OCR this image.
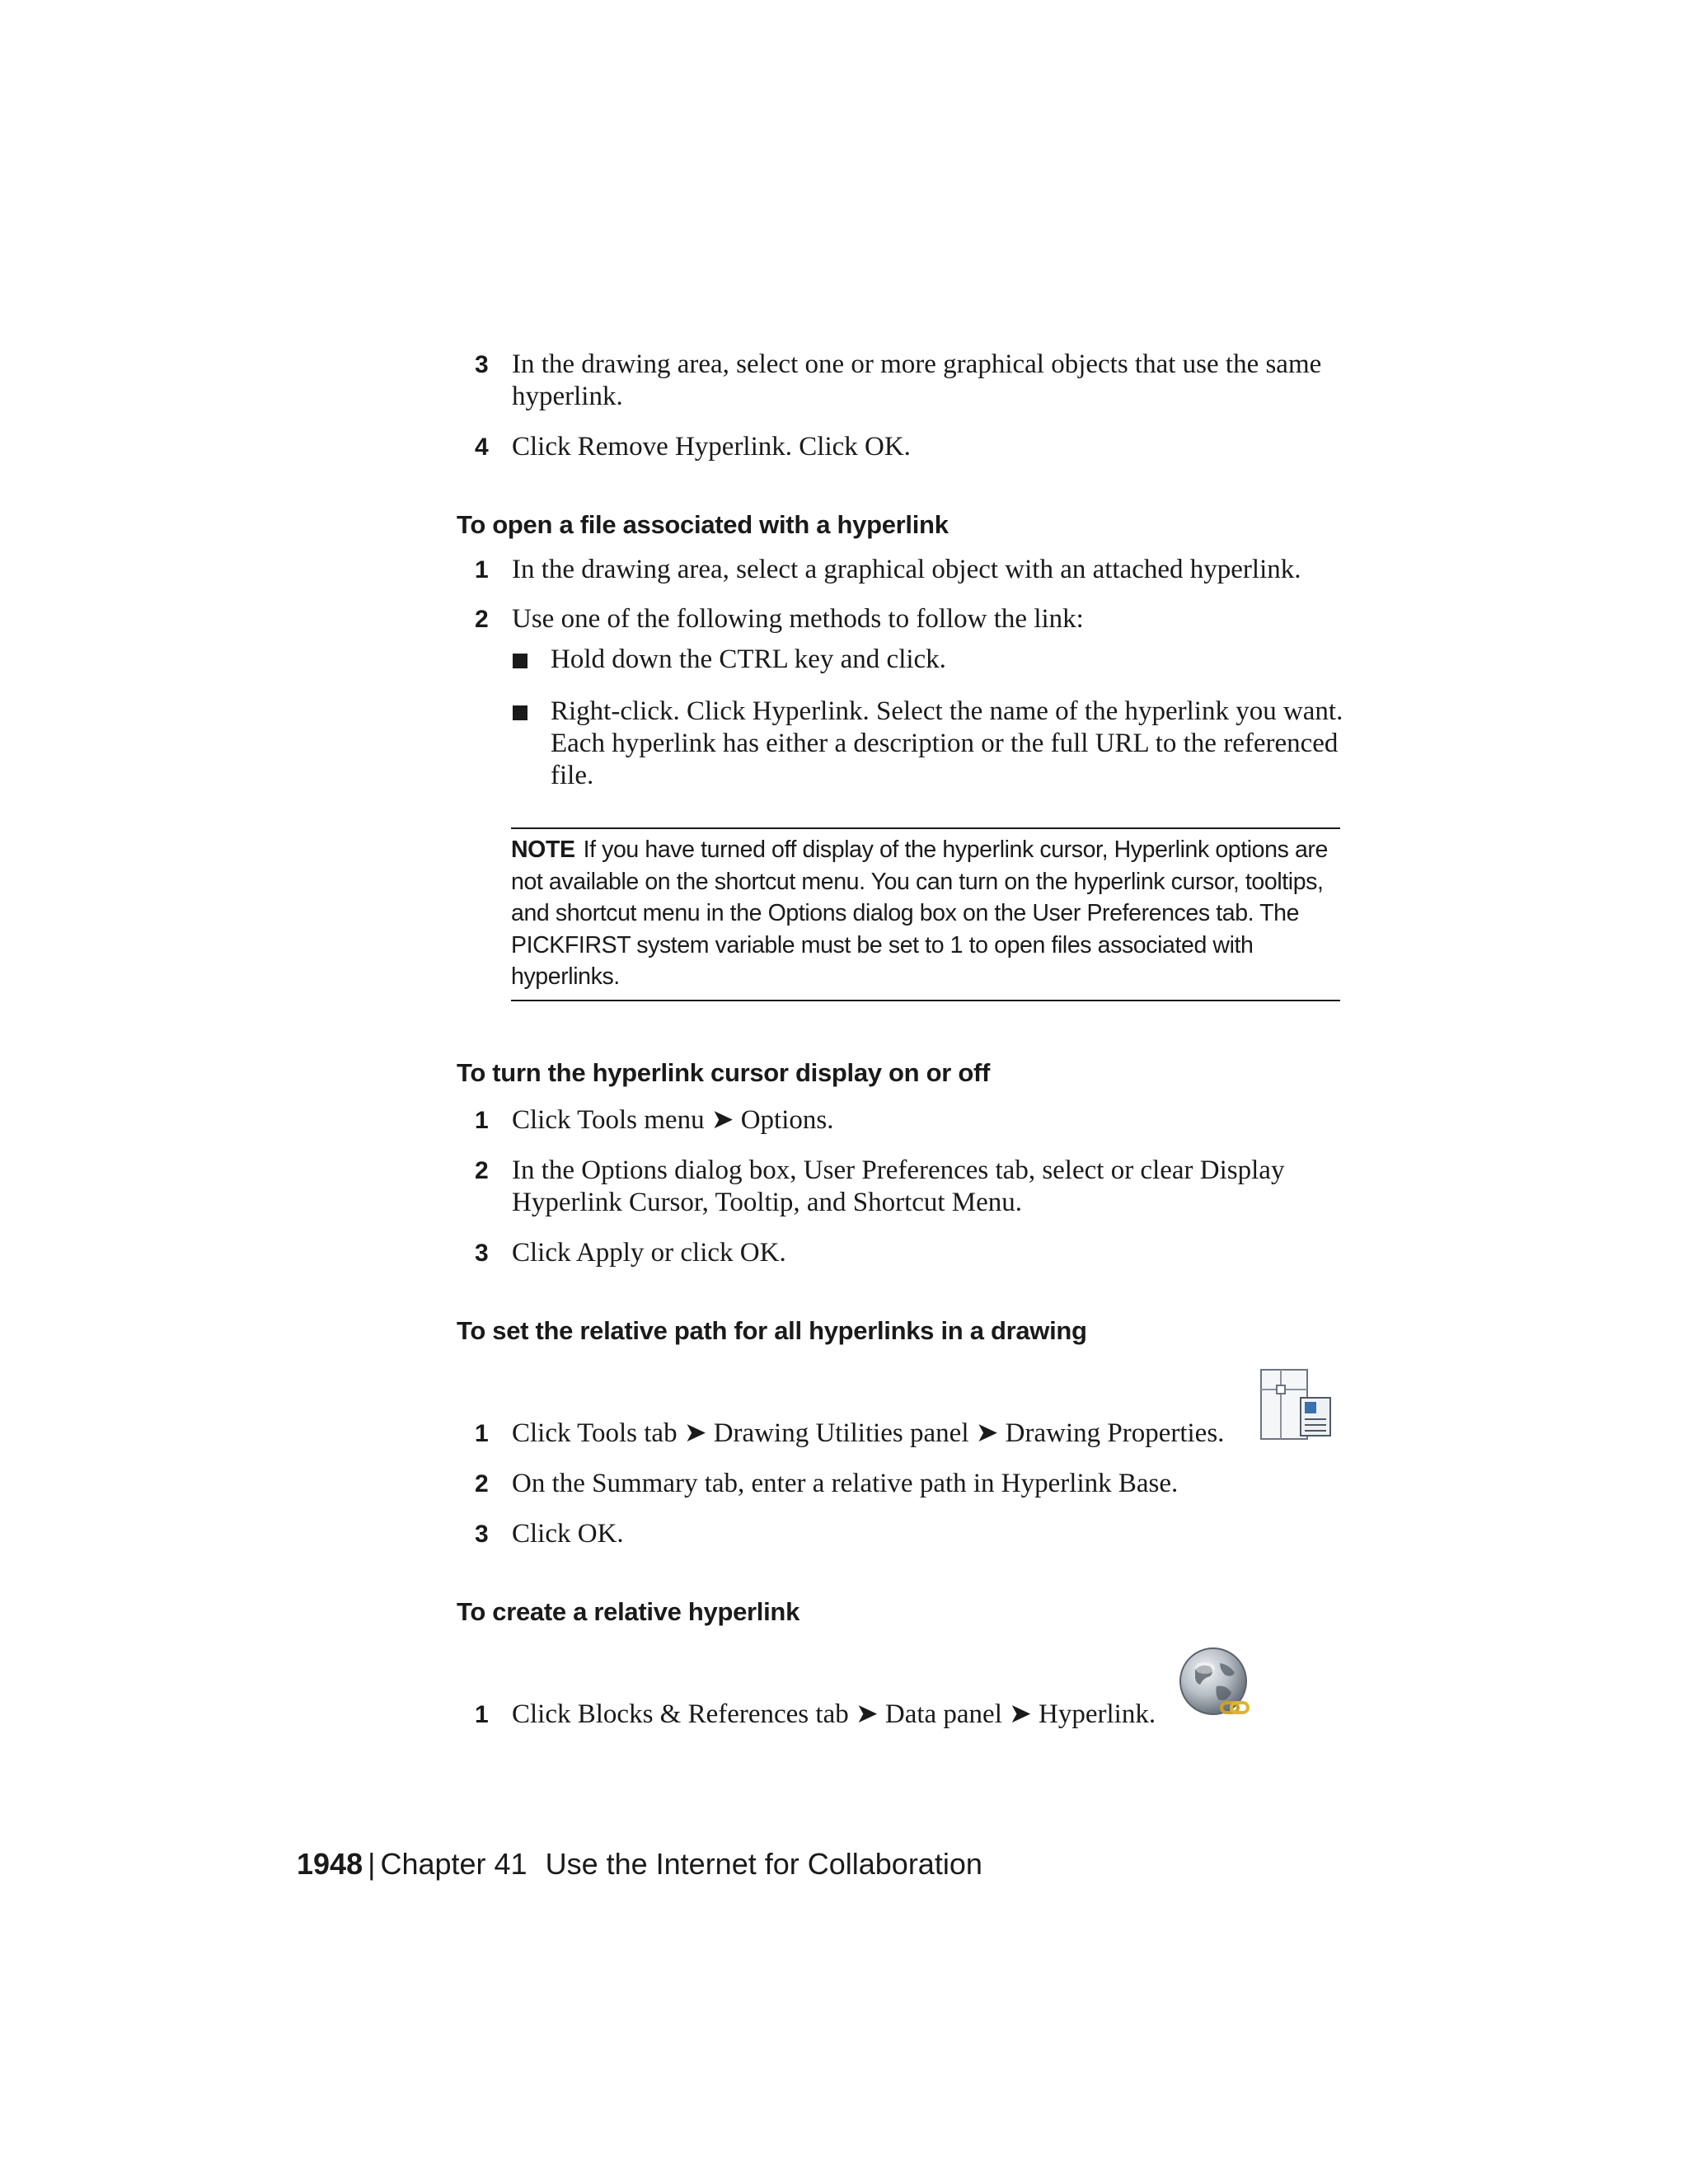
3 In the drawing area, select one or more graphical objects that use the same hyperlink.
4 Click Remove Hyperlink. Click OK.
To open a file associated with a hyperlink
1 In the drawing area, select a graphical object with an attached hyperlink.
2 Use one of the following methods to follow the link:
Hold down the CTRL key and click.
Right-click. Click Hyperlink. Select the name of the hyperlink you want. Each hyperlink has either a description or the full URL to the referenced file.
NOTE If you have turned off display of the hyperlink cursor, Hyperlink options are not available on the shortcut menu. You can turn on the hyperlink cursor, tooltips, and shortcut menu in the Options dialog box on the User Preferences tab. The PICKFIRST system variable must be set to 1 to open files associated with hyperlinks.
To turn the hyperlink cursor display on or off
1 Click Tools menu ➤ Options.
2 In the Options dialog box, User Preferences tab, select or clear Display Hyperlink Cursor, Tooltip, and Shortcut Menu.
3 Click Apply or click OK.
To set the relative path for all hyperlinks in a drawing
1 Click Tools tab ➤ Drawing Utilities panel ➤ Drawing Properties.
2 On the Summary tab, enter a relative path in Hyperlink Base.
3 Click OK.
To create a relative hyperlink
1 Click Blocks & References tab ➤ Data panel ➤ Hyperlink.
1948 | Chapter 41 Use the Internet for Collaboration
